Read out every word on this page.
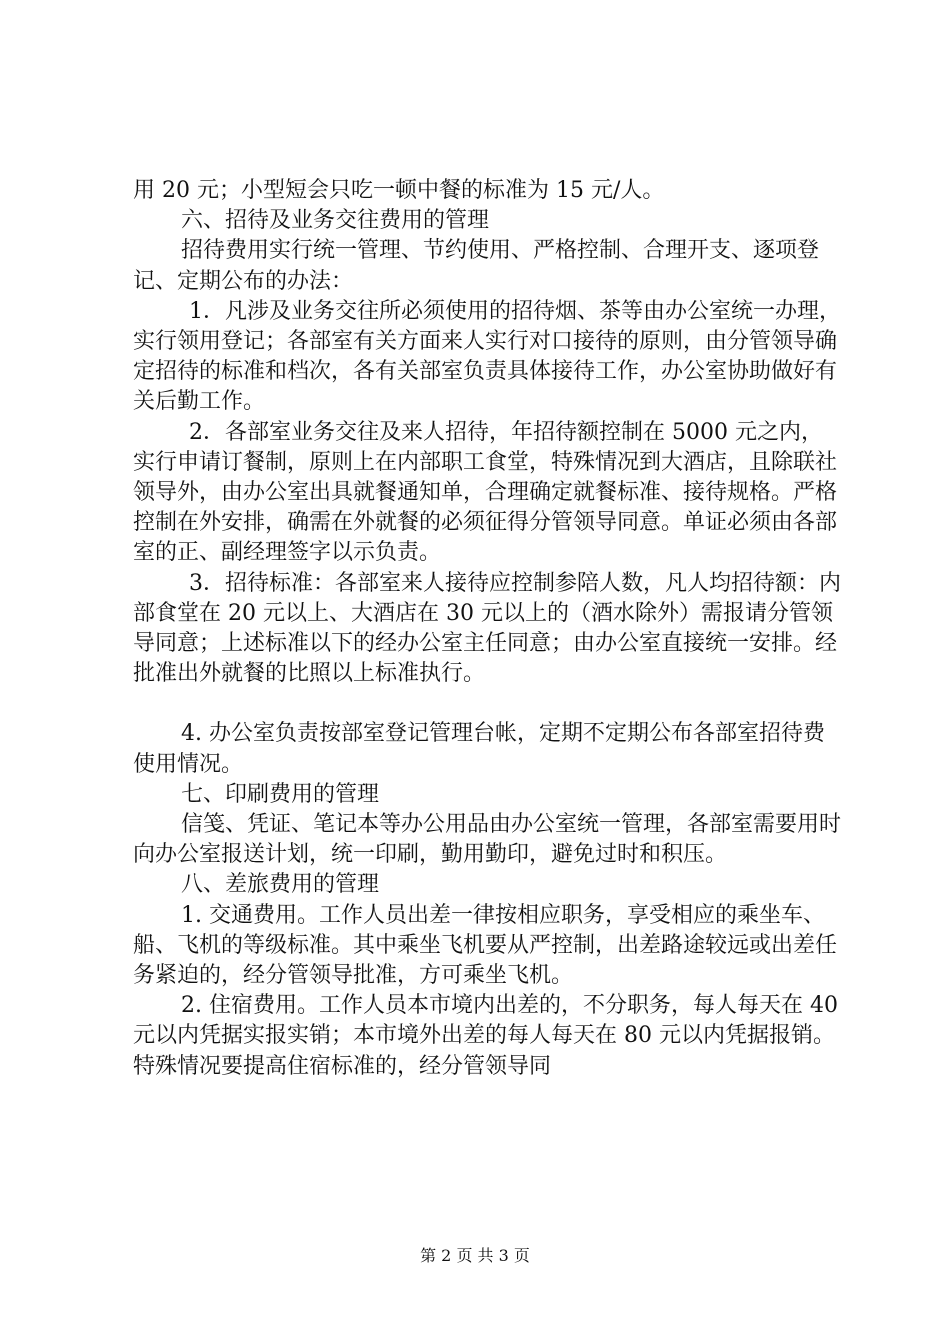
用 20 元；小型短会只吃一顿中餐的标准为 15 元/人。

六、招待及业务交往费用的管理

招待费用实行统一管理、节约使用、严格控制、合理开支、逐项登记、定期公布的办法：

1．凡涉及业务交往所必须使用的招待烟、茶等由办公室统一办理，实行领用登记；各部室有关方面来人实行对口接待的原则，由分管领导确定招待的标准和档次，各有关部室负责具体接待工作，办公室协助做好有关后勤工作。

2．各部室业务交往及来人招待，年招待额控制在 5000 元之内，实行申请订餐制，原则上在内部职工食堂，特殊情况到大酒店，且除联社领导外，由办公室出具就餐通知单，合理确定就餐标准、接待规格。严格控制在外安排，确需在外就餐的必须征得分管领导同意。单证必须由各部室的正、副经理签字以示负责。

3．招待标准：各部室来人接待应控制参陪人数，凡人均招待额：内部食堂在 20 元以上、大酒店在 30 元以上的（酒水除外）需报请分管领导同意；上述标准以下的经办公室主任同意；由办公室直接统一安排。经批准出外就餐的比照以上标准执行。

4. 办公室负责按部室登记管理台帐，定期不定期公布各部室招待费使用情况。

七、印刷费用的管理

信笺、凭证、笔记本等办公用品由办公室统一管理，各部室需要用时向办公室报送计划，统一印刷，勤用勤印，避免过时和积压。

八、差旅费用的管理

1. 交通费用。工作人员出差一律按相应职务，享受相应的乘坐车、船、飞机的等级标准。其中乘坐飞机要从严控制，出差路途较远或出差任务紧迫的，经分管领导批准，方可乘坐飞机。

2. 住宿费用。工作人员本市境内出差的，不分职务，每人每天在 40 元以内凭据实报实销；本市境外出差的每人每天在 80 元以内凭据报销。特殊情况要提高住宿标准的，经分管领导同

第 2 页 共 3 页
